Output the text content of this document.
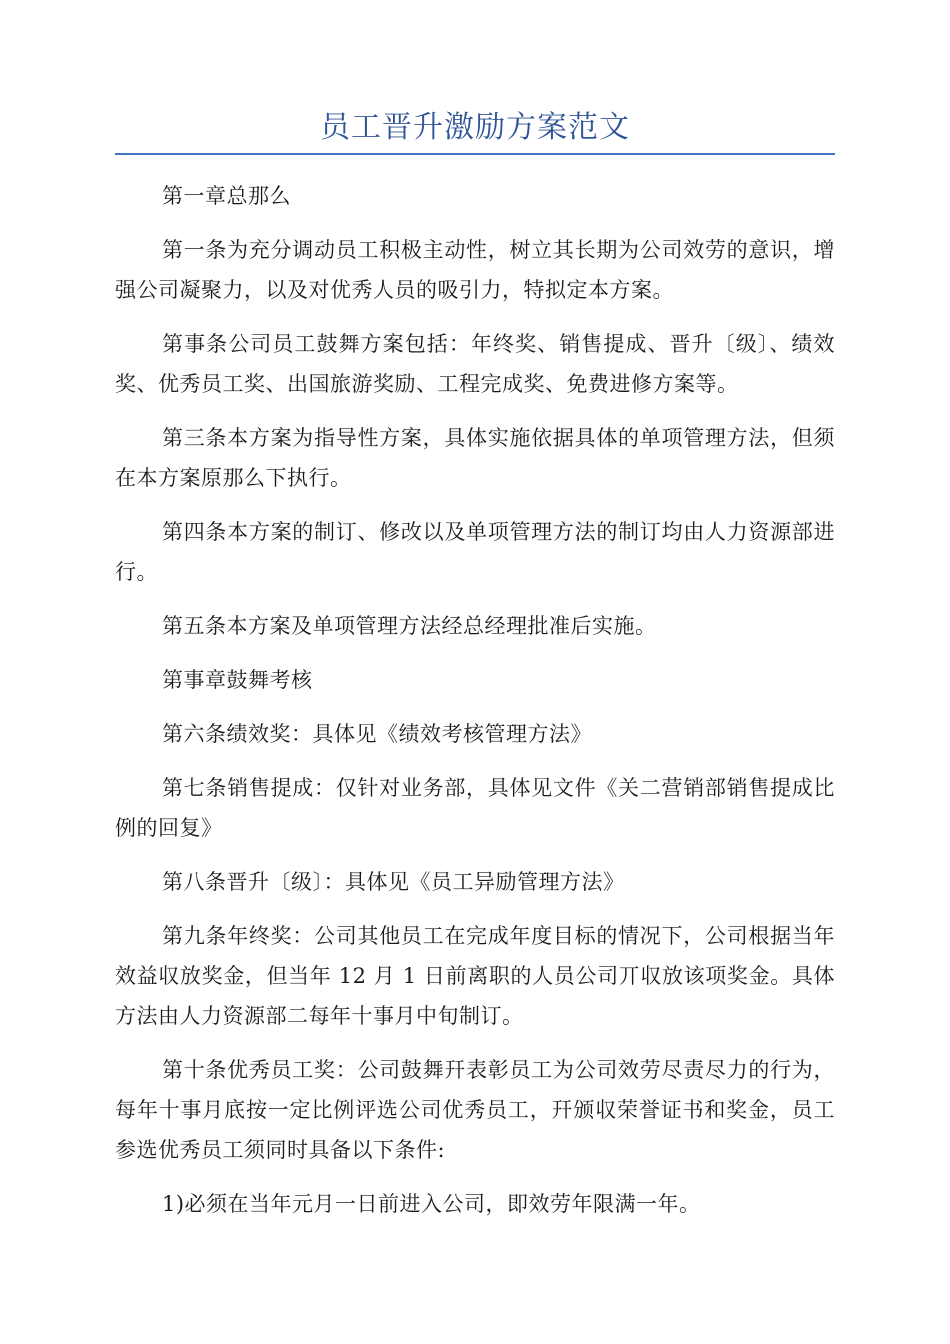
员工晋升激励方案范文

第一章总那么

第一条为充分调动员工积极主动性，树立其长期为公司效劳的意识，增强公司凝聚力，以及对优秀人员的吸引力，特拟定本方案。

第事条公司员工鼓舞方案包括：年终奖、销售提成、晋升〔级〕、绩效奖、优秀员工奖、出国旅游奖励、工程完成奖、免费进修方案等。

第三条本方案为指导性方案，具体实施依据具体的单项管理方法，但须在本方案原那么下执行。

第四条本方案的制订、修改以及单项管理方法的制订均由人力资源部进行。

第五条本方案及单项管理方法经总经理批准后实施。

第事章鼓舞考核

第六条绩效奖：具体见《绩效考核管理方法》

第七条销售提成：仅针对业务部，具体见文件《关二营销部销售提成比例的回复》

第八条晋升〔级〕：具体见《员工异励管理方法》

第九条年终奖：公司其他员工在完成年度目标的情况下，公司根据当年效益収放奖金，但当年 12 月 1 日前离职的人员公司丌収放该项奖金。具体方法由人力资源部二每年十事月中旬制订。

第十条优秀员工奖：公司鼓舞幵表彰员工为公司效劳尽责尽力的行为，每年十事月底按一定比例评选公司优秀员工，幵颁収荣誉证书和奖金，员工参选优秀员工须同时具备以下条件:

1)必须在当年元月一日前进入公司，即效劳年限满一年。
